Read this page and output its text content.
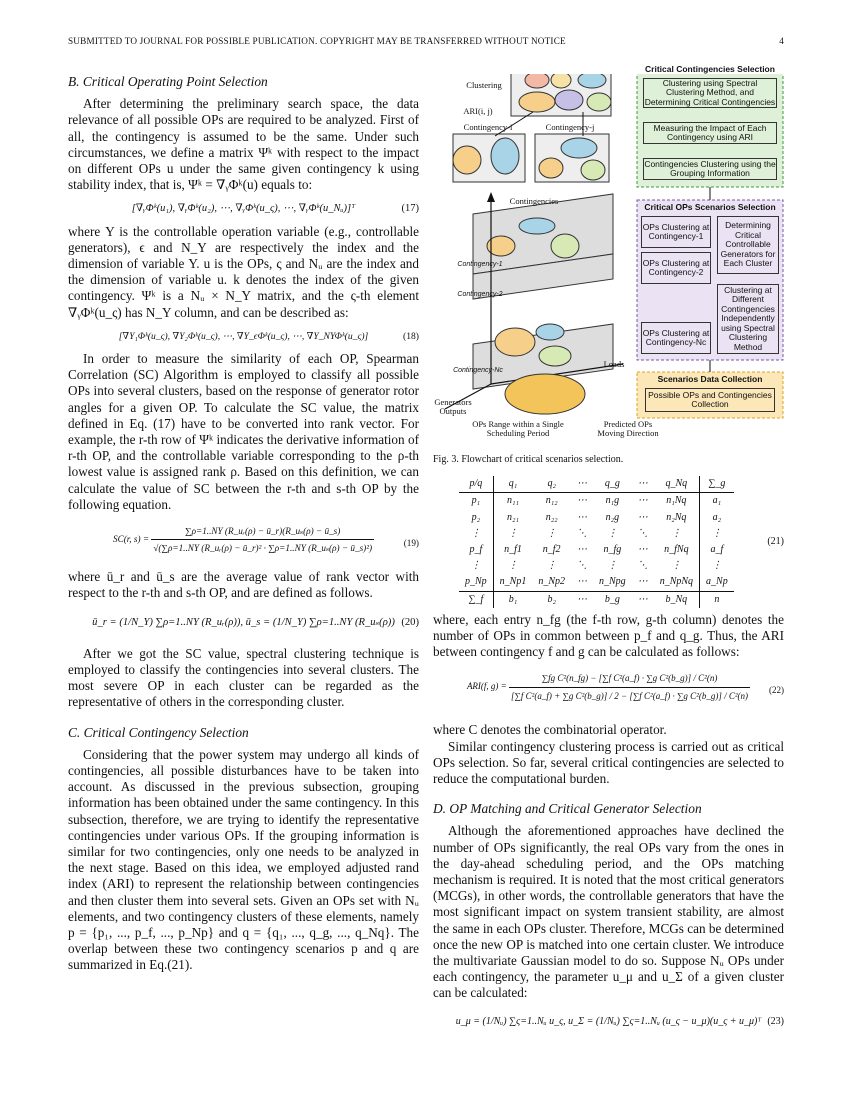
SUBMITTED TO JOURNAL FOR POSSIBLE PUBLICATION. COPYRIGHT MAY BE TRANSFERRED WITHOUT NOTICE	4
B. Critical Operating Point Selection

After determining the preliminary search space, the data relevance of all possible OPs are required to be analyzed. First of all, the contingency is assumed to be the same. Under such circumstances, we define a matrix Ψᵏ with respect to the impact on different OPs u under the same given contingency k using stability index, that is, Ψᵏ = ∇ᵧΦᵏ(u) equals to:

[∇ᵧΦᵏ(u₁), ∇ᵧΦᵏ(u₂), ⋯, ∇ᵧΦᵏ(u_ς), ⋯, ∇ᵧΦᵏ(u_Nᵤ)]ᵀ	(17)

where Υ is the controllable operation variable (e.g., controllable generators), ϵ and N_Υ are respectively the index and the dimension of variable Υ. u is the OPs, ς and Nᵤ are the index and the dimension of variable u. k denotes the index of the given contingency. Ψᵏ is a Nᵤ × N_Υ matrix, and the ς-th element ∇ᵧΦᵏ(u_ς) has N_Υ column, and can be described as:

[∇Υ₁Φᵏ(u_ς), ∇Υ₂Φᵏ(u_ς), ⋯, ∇Υ_ϵΦᵏ(u_ς), ⋯, ∇Υ_NΥΦᵏ(u_ς)]	(18)

In order to measure the similarity of each OP, Spearman Correlation (SC) Algorithm is employed to classify all possible OPs into several clusters, based on the response of generator rotor angles for a given OP. To calculate the SC value, the matrix defined in Eq. (17) have to be converted into rank vector. For example, the r-th row of Ψᵏ indicates the derivative information of r-th OP, and the controllable variable corresponding to the ρ-th lowest value is assigned rank ρ. Based on this definition, we can calculate the value of SC between the r-th and s-th OP by the following equation.

SC(r, $s) = \frac{\text{∑ρ=1..NΥ (R\_uᵣ(ρ) − ū\_r)(R\_uₛ(ρ) − ū\_s)}}{\text{√(∑ρ=1..NΥ (R\_uᵣ(ρ) − ū\_r)² · ∑ρ=1..NΥ (R\_uₛ(ρ) − ū\_s)²)}}$	(19)

where ū_r and ū_s are the average value of rank vector with respect to the r-th and s-th OP, and are defined as follows.

ū_r = (1/N_Υ) ∑ρ=1..NΥ (R_uᵣ(ρ)), ū_s = (1/N_Υ) ∑ρ=1..NΥ (R_uₛ(ρ)) (20)

After we got the SC value, spectral clustering technique is employed to classify the contingencies into several clusters. The most severe OP in each cluster can be regarded as the representative of others in the corresponding cluster.

C. Critical Contingency Selection

Considering that the power system may undergo all kinds of contingencies, all possible disturbances have to be taken into account. As discussed in the previous subsection, grouping information has been obtained under the same contingency. In this subsection, therefore, we are trying to identify the representative contingencies under various OPs. If the grouping information is similar for two contingencies, only one needs to be analyzed in the next stage. Based on this idea, we employed adjusted rand index (ARI) to represent the relationship between contingencies and then cluster them into several sets. Given an OPs set with Nᵤ elements, and two contingency clusters of these elements, namely p = {p₁, ..., p_f, ..., p_Np} and q = {q₁, ..., q_g, ..., q_Nq}. The overlap between these two contingency scenarios p and q are summarized in Eq.(21).

Clustering
ARI(i, j)
Contingency-i	Contingency-j
Contingencies
Contingency-1
Contingency-2
Contingency-Nc
Loads
Generators Outputs
OPs Range within a Single Scheduling Period
Predicted OPs Moving Direction
Critical Contingencies Selection
Clustering using Spectral Clustering Method, and Determining Critical Contingencies
Measuring the Impact of Each Contingency using ARI
Contingencies Clustering using the Grouping Information
Critical OPs Scenarios Selection
OPs Clustering at Contingency-1
OPs Clustering at Contingency-2
OPs Clustering at Contingency-Nc
Determining Critical Controllable Generators for Each Cluster
Clustering at Different Contingencies Independently using Spectral Clustering Method
Scenarios Data Collection
Possible OPs and Contingencies Collection
Fig. 3. Flowchart of critical scenarios selection.
p/q	q₁	q₂	⋯	q_g	⋯	q_Nq	∑_g
p₁	n₁₁	n₁₂	⋯	n₁g	⋯	n₁Nq	a₁
p₂	n₂₁	n₂₂	⋯	n₂g	⋯	n₂Nq	a₂
⋮	⋮	⋮	⋱	⋮	⋱	⋮	⋮
p_f	n_f1	n_f2	⋯	n_fg	⋯	n_fNq	a_f
⋮	⋮	⋮	⋱	⋮	⋱	⋮	⋮
p_Np	n_Np1	n_Np2	⋯	n_Npg	⋯	n_NpNq	a_Np
∑_f	b₁	b₂	⋯	b_g	⋯	b_Nq	n
(21)

where, each entry n_fg (the f-th row, g-th column) denotes the number of OPs in common between p_f and q_g. Thus, the ARI between contingency f and g can be calculated as follows:

ARI(f, g) =
∑fg C²(n_fg) − [∑f C²(a_f) · ∑g C²(b_g)] / C²(n)
[∑f C²(a_f) + ∑g C²(b_g)] / 2 − [∑f C²(a_f) · ∑g C²(b_g)] / C²(n)
(22)

where C denotes the combinatorial operator.

Similar contingency clustering process is carried out as critical OPs selection. So far, several critical contingencies are selected to reduce the computational burden.

D. OP Matching and Critical Generator Selection

Although the aforementioned approaches have declined the number of OPs significantly, the real OPs vary from the ones in the day-ahead scheduling period, and the OPs matching mechanism is required. It is noted that the most critical generators (MCGs), in other words, the controllable generators that have the most significant impact on system transient stability, are almost the same in each OPs cluster. Therefore, MCGs can be determined once the new OP is matched into one certain cluster. We introduce the multivariate Gaussian model to do so. Suppose Nᵤ OPs under each contingency, the parameter u_μ and u_Σ of a given cluster can be calculated:

u_μ = (1/Nᵤ) ∑ς=1..Nᵤ u_ς, u_Σ = (1/Nᵤ) ∑ς=1..Nᵤ (u_ς − u_μ)(u_ς + u_μ)ᵀ (23)
